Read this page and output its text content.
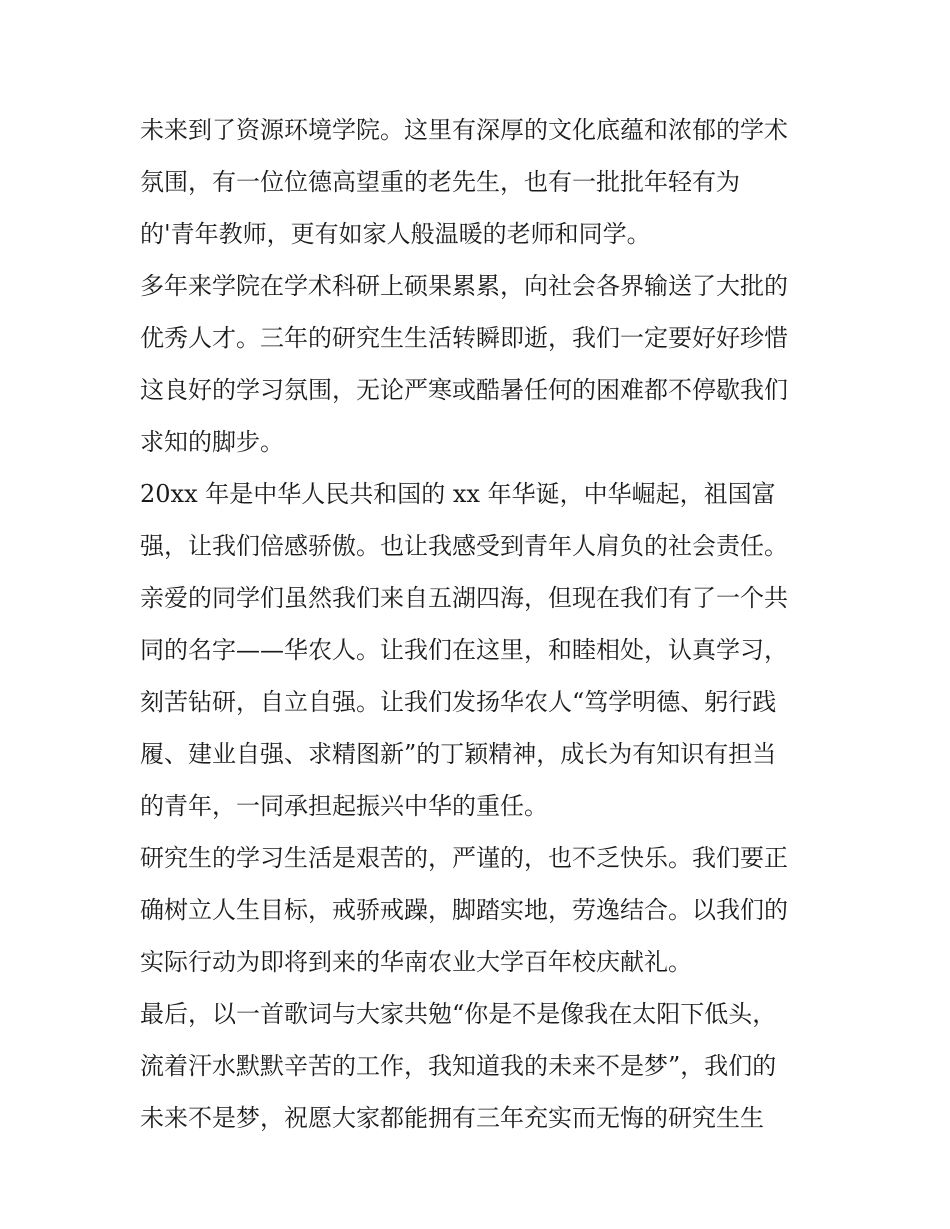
未来到了资源环境学院。这里有深厚的文化底蕴和浓郁的学术
氛围，有一位位德高望重的老先生，也有一批批年轻有为
的'青年教师，更有如家人般温暖的老师和同学。
多年来学院在学术科研上硕果累累，向社会各界输送了大批的
优秀人才。三年的研究生生活转瞬即逝，我们一定要好好珍惜
这良好的学习氛围，无论严寒或酷暑任何的困难都不停歇我们
求知的脚步。
20xx 年是中华人民共和国的 xx 年华诞，中华崛起，祖国富
强，让我们倍感骄傲。也让我感受到青年人肩负的社会责任。
亲爱的同学们虽然我们来自五湖四海，但现在我们有了一个共
同的名字——华农人。让我们在这里，和睦相处，认真学习，
刻苦钻研，自立自强。让我们发扬华农人“笃学明德、躬行践
履、建业自强、求精图新”的丁颖精神，成长为有知识有担当
的青年，一同承担起振兴中华的重任。
研究生的学习生活是艰苦的，严谨的，也不乏快乐。我们要正
确树立人生目标，戒骄戒躁，脚踏实地，劳逸结合。以我们的
实际行动为即将到来的华南农业大学百年校庆献礼。
最后，以一首歌词与大家共勉“你是不是像我在太阳下低头，
流着汗水默默辛苦的工作，我知道我的未来不是梦”，我们的
未来不是梦，祝愿大家都能拥有三年充实而无悔的研究生生
